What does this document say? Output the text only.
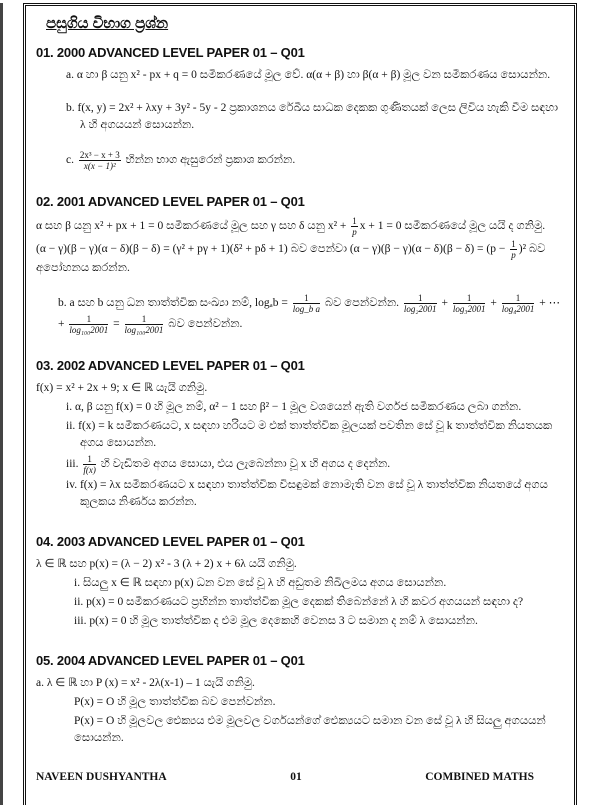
පසුගිය විභාග ප්‍රශ්න
01. 2000 ADVANCED LEVEL PAPER 01 – Q01
a. α හා β යනු x² - px + q = 0 සමීකරණයේ මූල වේ. α(α + β) හා β(α + β) මූල වන සමීකරණය සොයන්න.
b. f(x, y) = 2x² + λxy + 3y² - 5y - 2 ප්‍රකාශනය රේඛීය සාධක දෙකක ගුණිතයක් ලෙස ලිවිය හැකි වීම සඳහා λ හි අගයයන් සොයන්න.
c. $\frac{\text{2x³ − x + 3}}{\text{x(x − 1)²}}$ භින්න භාග ඇසුරෙන් ප්‍රකාශ කරන්න.
02. 2001 ADVANCED LEVEL PAPER 01 – Q01
α සහ β යනු x² + px + 1 = 0 සමීකරණයේ මූල සහ γ සහ δ යනු $x^2 + \frac{1}{p}$ x + 1 = 0 සමීකරණයේ මූල යයි ද ගනිමු.
(α − γ)(β − γ)(α − δ)(β − δ) = (γ² + pγ + 1)(δ² + pδ + 1) බව පෙන්වා $(\alpha - \gamma)(\beta - \gamma)(\alpha - \delta)(\beta - \delta) = (p - \frac{1}{p} )^2$ බව අපෝහනය කරන්න.
b. a සහ b යනු ධන තාත්ත්වික සංඛ්‍යා නම්, $\log_ab = \frac{1}{\text{log\_b a}}$ බව පෙන්වන්න. $\frac{1}{\text{log₂2001}} + \frac{1}{\text{log₃2001}} + \frac{1}{\text{log₄2001}}$ + ⋯ + $\frac{1}{\text{log₁₀₀2001}} = \frac{1}{\text{log₁₀₀2001}}$ බව පෙන්වන්න.
03. 2002 ADVANCED LEVEL PAPER 01 – Q01
f(x) = x² + 2x + 9; x ∈ ℝ යැයි ගනිමු.
i. α, β යනු f(x) = 0 හි මූල නම්, α² − 1 සහ β² − 1 මූල වශයෙන් ඇති වර්ගජ සමීකරණය ලබා ගන්න.
ii. f(x) = k සමීකරණයට, x සඳහා හරියට ම එක් තාත්ත්වික මූලයක් පවතින සේ වූ k තාත්ත්වික නියතයක අගය සොයන්න.
iii. $\frac{1}{f(x)}$ හි වැඩිතම අගය සොයා, එය ලැබෙන්නා වූ x හි අගය ද දෙන්න.
iv. f(x) = λx සමීකරණයට x සඳහා තාත්ත්වික විසඳුමක් නොමැති වන සේ වූ λ තාත්ත්වික නියතයේ අගය කුලකය නිර්ණය කරන්න.
04. 2003 ADVANCED LEVEL PAPER 01 – Q01
λ ∈ ℝ සහ p(x) = (λ − 2) x² - 3 (λ + 2) x + 6λ යයි ගනිමු.
i. සියලු x ∈ ℝ සඳහා p(x) ධන වන සේ වූ λ හි අඩුතම නිඛිලමය අගය සොයන්න.
ii. p(x) = 0 සමීකරණයට ප්‍රභින්න තාත්ත්වික මූල දෙකක් තිබෙන්නේ λ හි කවර අගයයන් සඳහා ද?
iii. p(x) = 0 හි මූල තාත්ත්වික ද එම මූල දෙකෙහි වෙනස 3 ට සමාන ද නම් λ සොයන්න.
05. 2004 ADVANCED LEVEL PAPER 01 – Q01
a. λ ∈ ℝ හා P (x) = x² - 2λ(x-1) – 1 යැයි ගනිමු.
P(x) = O හි මූල තාත්ත්වික බව පෙන්වන්න.
P(x) = O හි මූලවල ඓක්‍යය එම මූලවල වර්ගයන්ගේ ඓක්‍යයට සමාන වන සේ වූ λ හි සියලු අගයයන් සොයන්න.
NAVEEN DUSHYANTHA	01	COMBINED MATHS
